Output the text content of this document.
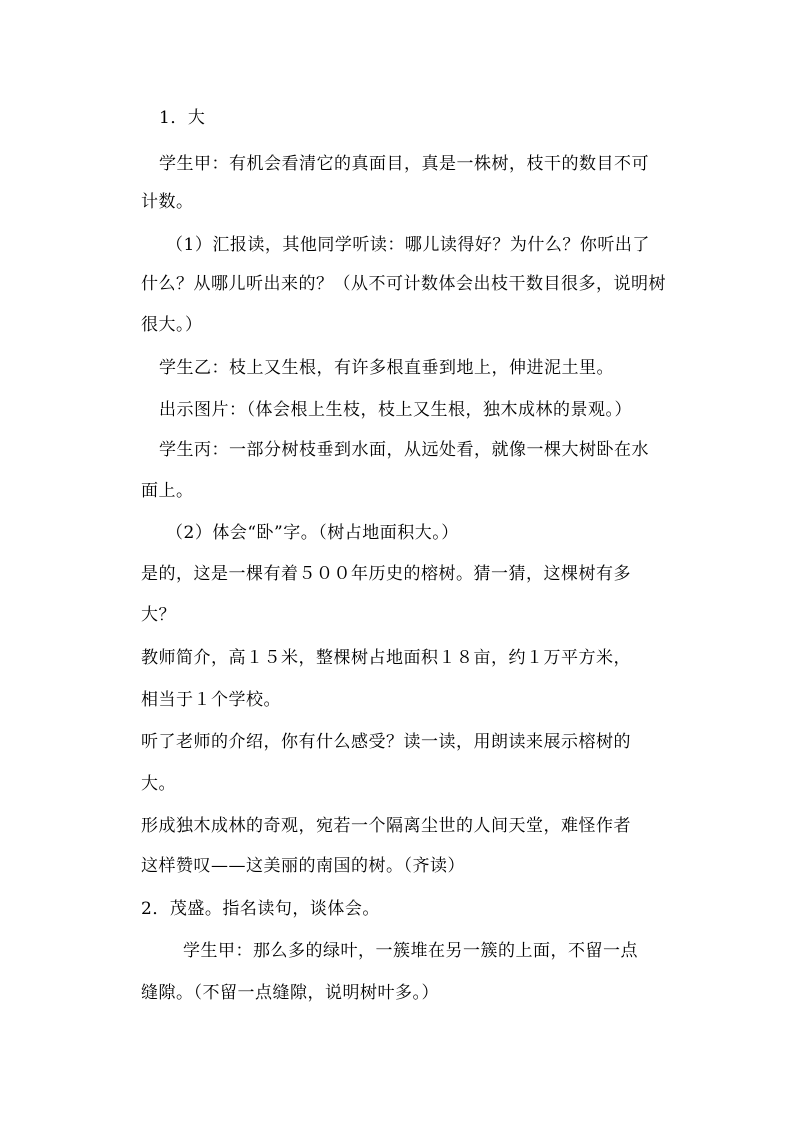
1．大
学生甲：有机会看清它的真面目，真是一株树，枝干的数目不可
计数。
（1）汇报读，其他同学听读：哪儿读得好？为什么？你听出了
什么？从哪儿听出来的？（从不可计数体会出枝干数目很多，说明树
很大。）
学生乙：枝上又生根，有许多根直垂到地上，伸进泥土里。
出示图片：（体会根上生枝，枝上又生根，独木成林的景观。）
学生丙：一部分树枝垂到水面，从远处看，就像一棵大树卧在水
面上。
（2）体会“卧”字。（树占地面积大。）
是的，这是一棵有着５００年历史的榕树。猜一猜，这棵树有多
大？
教师简介，高１５米，整棵树占地面积１８亩，约１万平方米，
相当于１个学校。
听了老师的介绍，你有什么感受？读一读，用朗读来展示榕树的
大。
形成独木成林的奇观，宛若一个隔离尘世的人间天堂，难怪作者
这样赞叹——这美丽的南国的树。（齐读）
2．茂盛。指名读句，谈体会。
学生甲：那么多的绿叶，一簇堆在另一簇的上面，不留一点
缝隙。（不留一点缝隙，说明树叶多。）
